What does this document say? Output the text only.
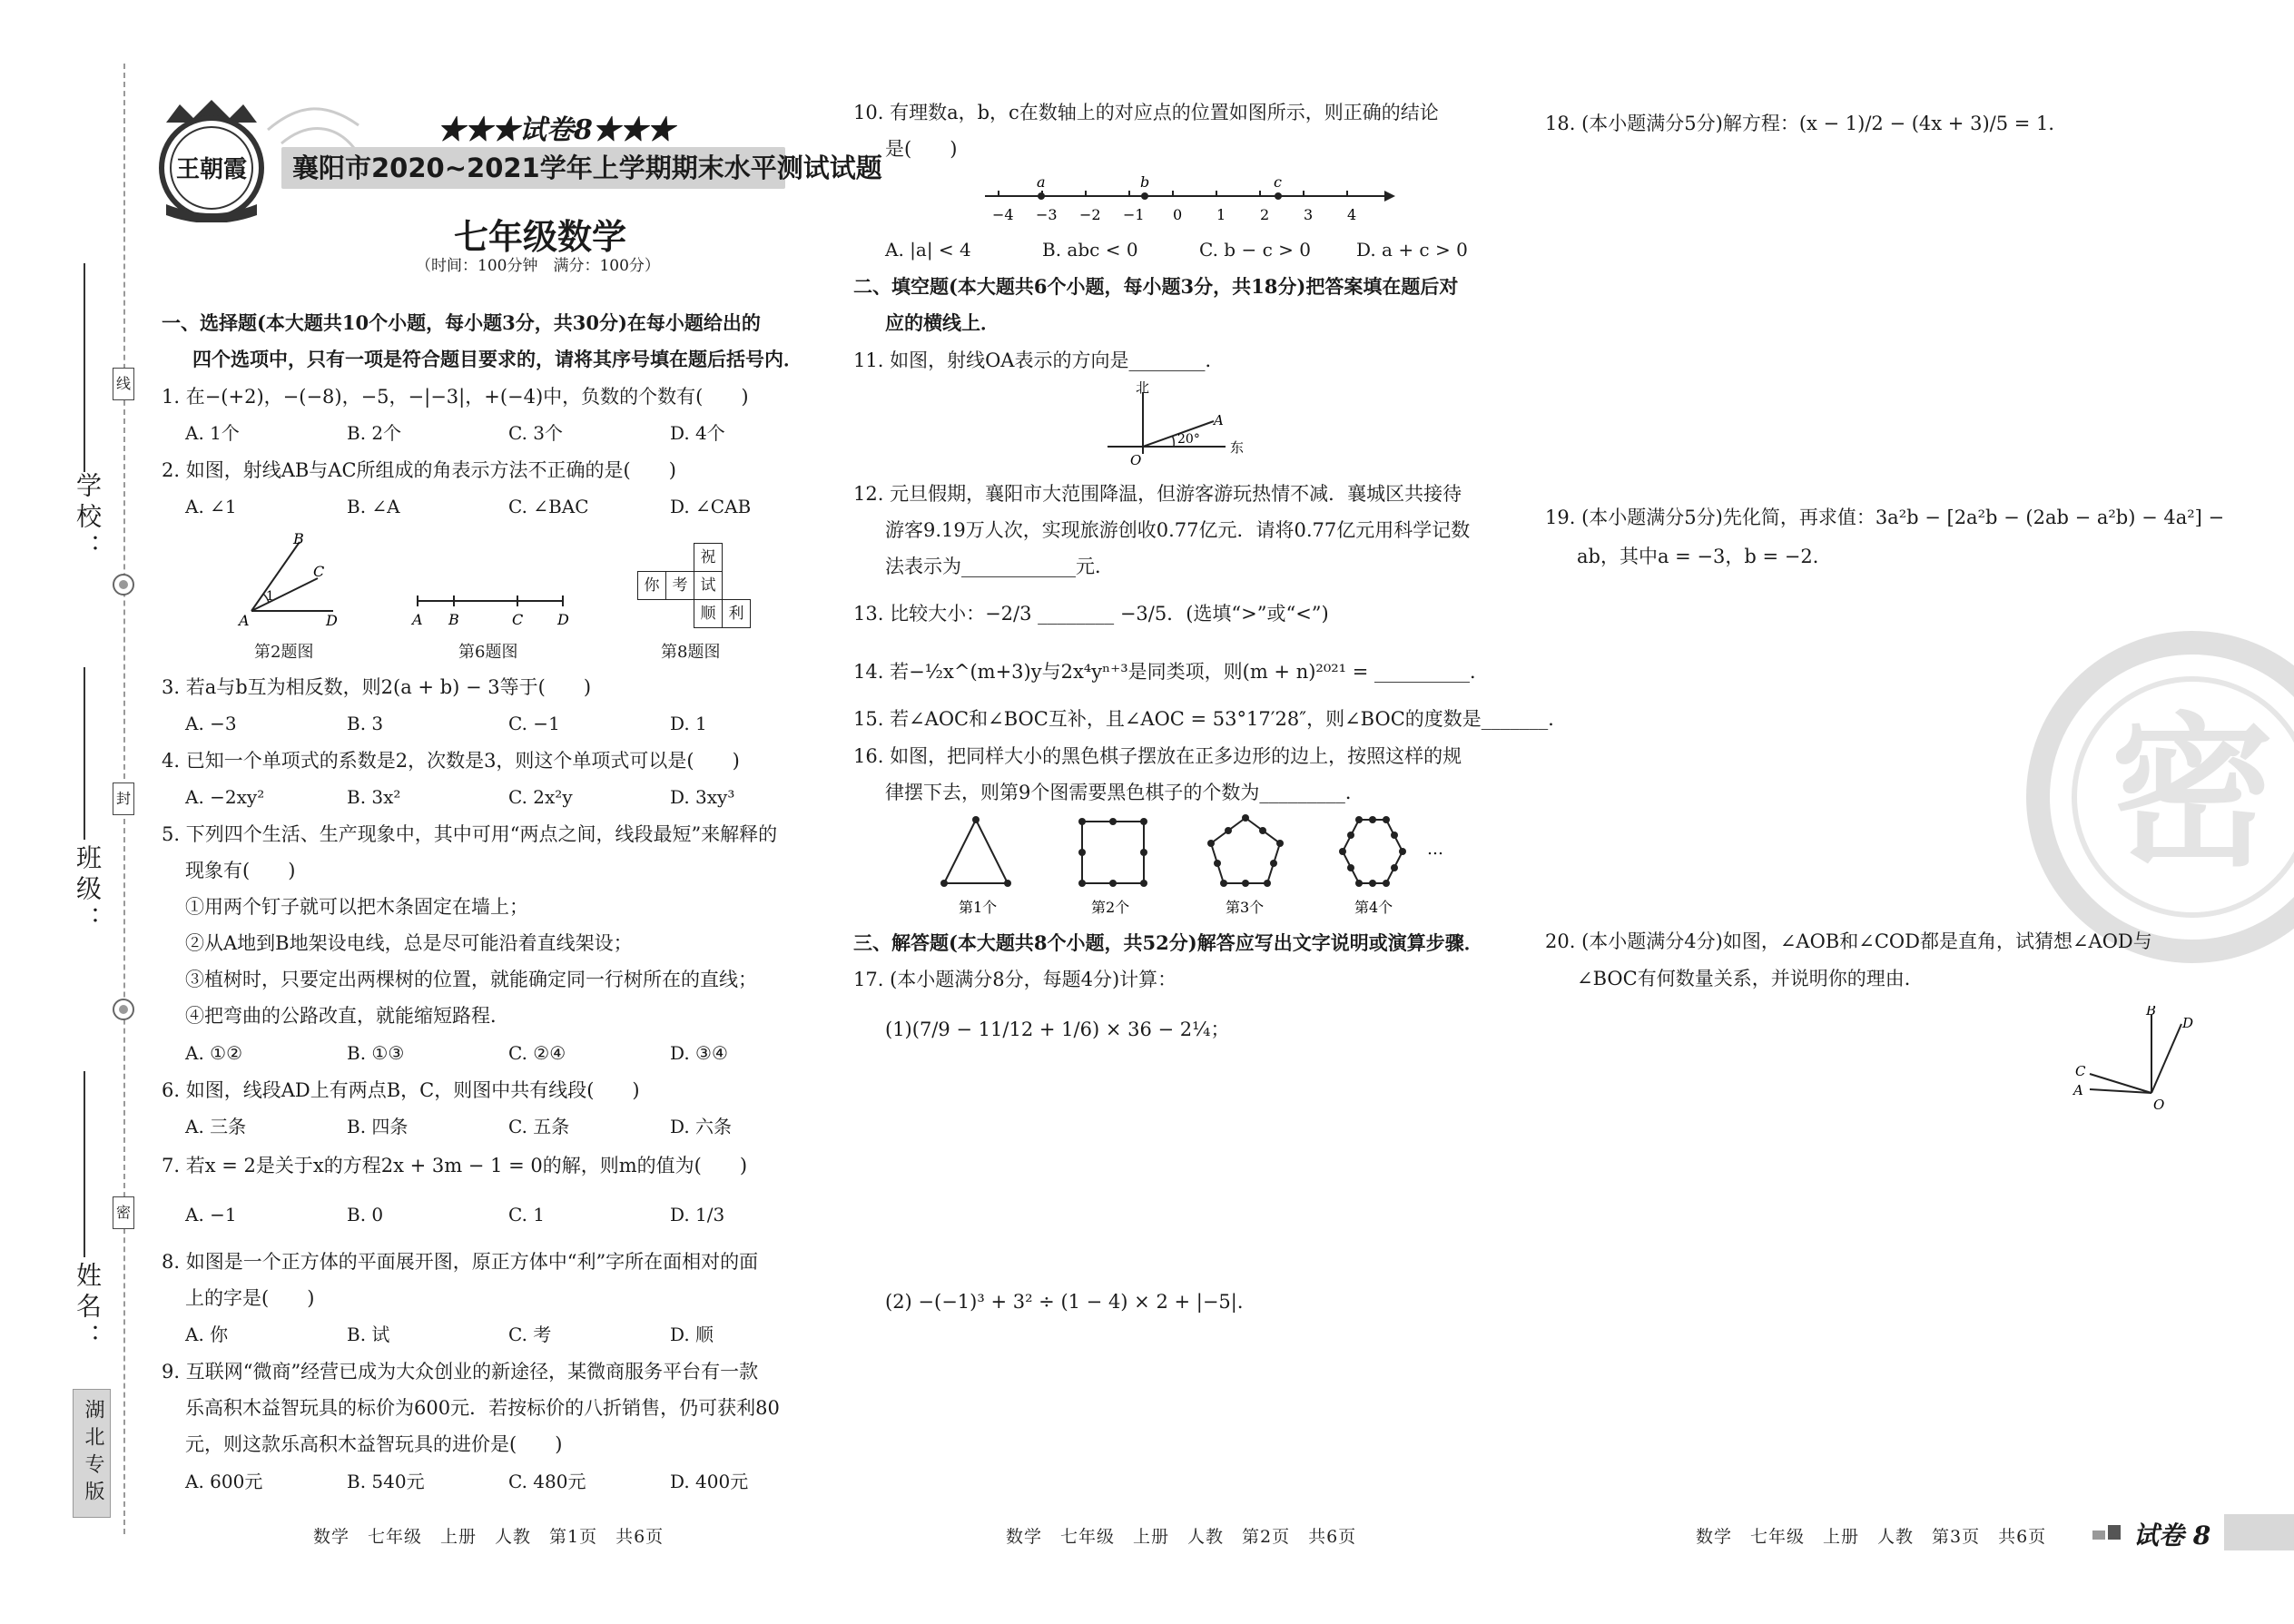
学校：
班级：
姓名：
线
封
密
湖北专版
王朝霞
★★★试卷8★★★
襄阳市2020~2021学年上学期期末水平测试试题
七年级数学
（时间：100分钟　满分：100分）
一、选择题(本大题共10个小题，每小题3分，共30分)在每小题给出的
四个选项中，只有一项是符合题目要求的，请将其序号填在题后括号内．
1. 在−(+2)，−(−8)，−5，−|−3|，+(−4)中，负数的个数有(　　)
A. 1个	B. 2个	C. 3个	D. 4个
2. 如图，射线AB与AC所组成的角表示方法不正确的是(　　)
A. ∠1	B. ∠A	C. ∠BAC	D. ∠CAB
B
C
1
A	D
第2题图
A B	C D
第6题图
祝
你 考 试
顺 利
第8题图
3. 若a与b互为相反数，则2(a + b) − 3等于(　　)
A. −3	B. 3	C. −1	D. 1
4. 已知一个单项式的系数是2，次数是3，则这个单项式可以是(　　)
A. −2xy²	B. 3x²	C. 2x²y	D. 3xy³
5. 下列四个生活、生产现象中，其中可用“两点之间，线段最短”来解释的
现象有(　　)
①用两个钉子就可以把木条固定在墙上；
②从A地到B地架设电线，总是尽可能沿着直线架设；
③植树时，只要定出两棵树的位置，就能确定同一行树所在的直线；
④把弯曲的公路改直，就能缩短路程．
A. ①②	B. ①③	C. ②④	D. ③④
6. 如图，线段AD上有两点B，C，则图中共有线段(　　)
A. 三条	B. 四条	C. 五条	D. 六条
7. 若x = 2是关于x的方程2x + 3m − 1 = 0的解，则m的值为(　　)
A. −1	B. 0	C. 1	D. 1/3
8. 如图是一个正方体的平面展开图，原正方体中“利”字所在面相对的面
上的字是(　　)
A. 你	B. 试	C. 考	D. 顺
9. 互联网“微商”经营已成为大众创业的新途径，某微商服务平台有一款
乐高积木益智玩具的标价为600元．若按标价的八折销售，仍可获利80
元，则这款乐高积木益智玩具的进价是(　　)
A. 600元	B. 540元	C. 480元	D. 400元
数学　七年级　上册　人教　第1页　共6页
10. 有理数a，b，c在数轴上的对应点的位置如图所示，则正确的结论
是(　　)
a	b	c
−4 −3 −2 −1 0 1 2 3 4
A. |a| < 4	B. abc < 0	C. b − c > 0	D. a + c > 0
二、填空题(本大题共6个小题，每小题3分，共18分)把答案填在题后对
应的横线上．
11. 如图，射线OA表示的方向是________．
北
A
20°
O
东
12. 元旦假期，襄阳市大范围降温，但游客游玩热情不减．襄城区共接待
游客9.19万人次，实现旅游创收0.77亿元．请将0.77亿元用科学记数
法表示为____________元．
13. 比较大小：−2/3 ________ −3/5．(选填“>”或“<”)
14. 若−½x^(m+3)y与2x⁴yⁿ⁺³是同类项，则(m + n)²⁰²¹ = __________．
15. 若∠AOC和∠BOC互补，且∠AOC = 53°17′28″，则∠BOC的度数是_______．
16. 如图，把同样大小的黑色棋子摆放在正多边形的边上，按照这样的规
律摆下去，则第9个图需要黑色棋子的个数为_________．
…
第1个	第2个	第3个	第4个
三、解答题(本大题共8个小题，共52分)解答应写出文字说明或演算步骤．
17. (本小题满分8分，每题4分)计算：
(1)(7/9 − 11/12 + 1/6) × 36 − 2¼；
(2) −(−1)³ + 3² ÷ (1 − 4) × 2 + |−5|．
数学　七年级　上册　人教　第2页　共6页
18. (本小题满分5分)解方程：(x − 1)/2 − (4x + 3)/5 = 1．
19. (本小题满分5分)先化简，再求值：3a²b − [2a²b − (2ab − a²b) − 4a²] −
ab，其中a = −3，b = −2．
密
20. (本小题满分4分)如图，∠AOB和∠COD都是直角，试猜想∠AOD与
∠BOC有何数量关系，并说明你的理由．
B
D
C
A
O
数学　七年级　上册　人教　第3页　共6页	试卷 8
